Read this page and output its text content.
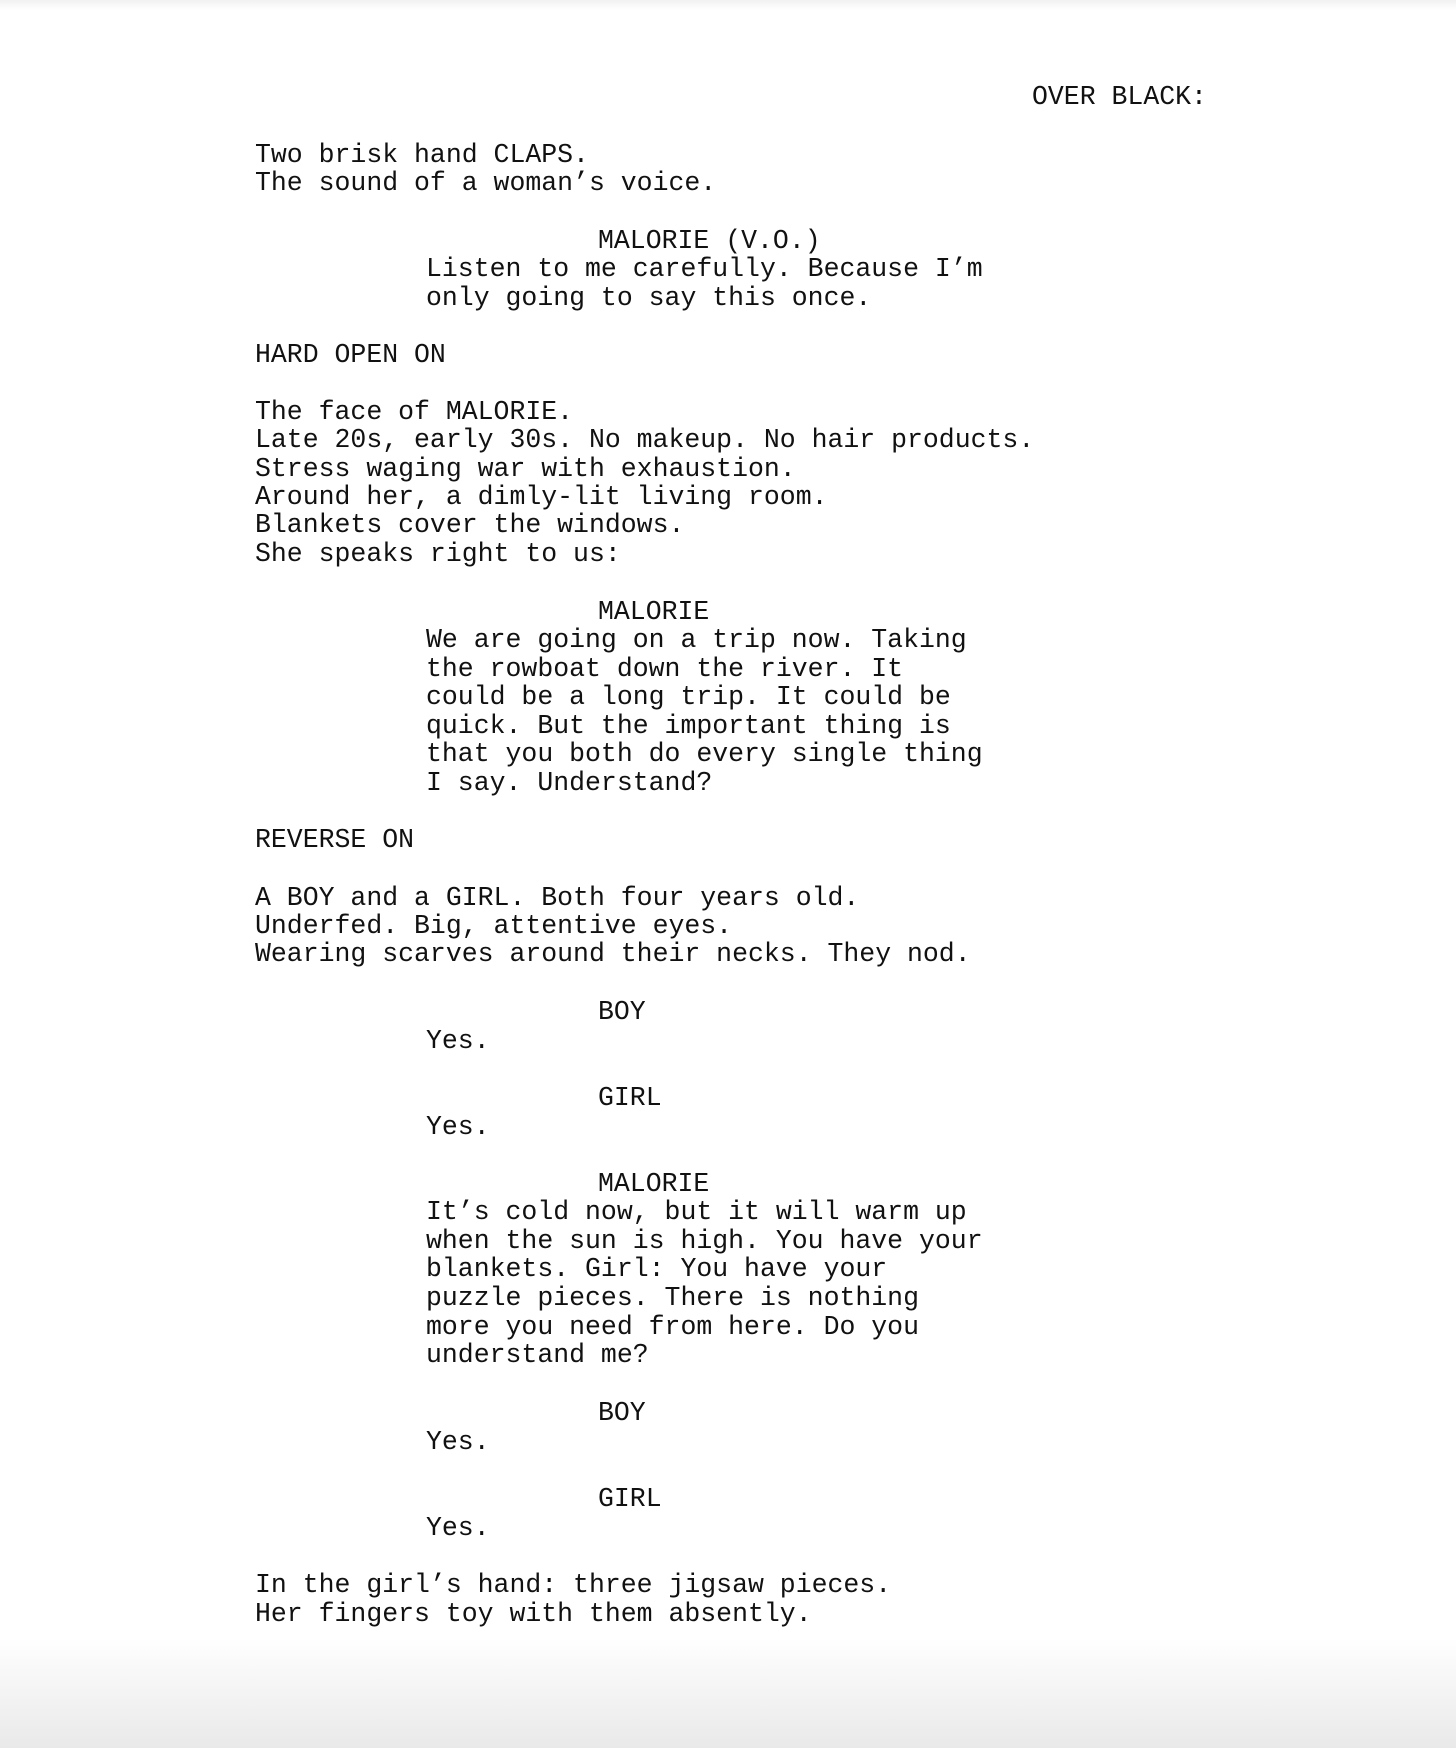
OVER BLACK:
Two brisk hand CLAPS.
The sound of a woman’s voice.
MALORIE (V.O.)
Listen to me carefully. Because I’m
only going to say this once.
HARD OPEN ON
The face of MALORIE.
Late 20s, early 30s. No makeup. No hair products.
Stress waging war with exhaustion.
Around her, a dimly-lit living room.
Blankets cover the windows.
She speaks right to us:
MALORIE
We are going on a trip now. Taking
the rowboat down the river. It
could be a long trip. It could be
quick. But the important thing is
that you both do every single thing
I say. Understand?
REVERSE ON
A BOY and a GIRL. Both four years old.
Underfed. Big, attentive eyes.
Wearing scarves around their necks. They nod.
BOY
Yes.
GIRL
Yes.
MALORIE
It’s cold now, but it will warm up
when the sun is high. You have your
blankets. Girl: You have your
puzzle pieces. There is nothing
more you need from here. Do you
understand me?
BOY
Yes.
GIRL
Yes.
In the girl’s hand: three jigsaw pieces.
Her fingers toy with them absently.
